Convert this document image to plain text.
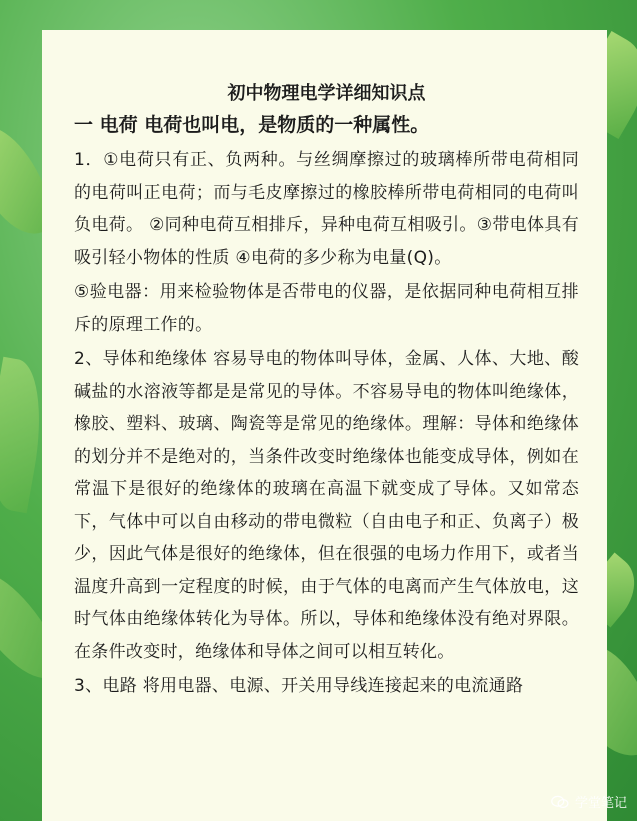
初中物理电学详细知识点
一 电荷 电荷也叫电，是物质的一种属性。

1．①电荷只有正、负两种。与丝绸摩擦过的玻璃棒所带电荷相同的电荷叫正电荷；而与毛皮摩擦过的橡胶棒所带电荷相同的电荷叫负电荷。 ②同种电荷互相排斥，异种电荷互相吸引。③带电体具有吸引轻小物体的性质 ④电荷的多少称为电量(Q)。

⑤验电器：用来检验物体是否带电的仪器，是依据同种电荷相互排斥的原理工作的。

2、导体和绝缘体 容易导电的物体叫导体，金属、人体、大地、酸碱盐的水溶液等都是是常见的导体。不容易导电的物体叫绝缘体，橡胶、塑料、玻璃、陶瓷等是常见的绝缘体。理解：导体和绝缘体的划分并不是绝对的，当条件改变时绝缘体也能变成导体，例如在常温下是很好的绝缘体的玻璃在高温下就变成了导体。又如常态下，气体中可以自由移动的带电微粒（自由电子和正、负离子）极少，因此气体是很好的绝缘体，但在很强的电场力作用下，或者当温度升高到一定程度的时候，由于气体的电离而产生气体放电，这时气体由绝缘体转化为导体。所以，导体和绝缘体没有绝对界限。在条件改变时，绝缘体和导体之间可以相互转化。

3、电路 将用电器、电源、开关用导线连接起来的电流通路

学堂笔记
